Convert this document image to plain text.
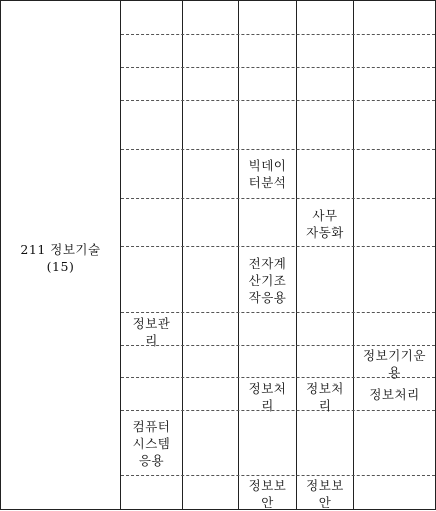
211 정보기술
(15)
빅데이
터분석
사무
자동화
전자계
산기조
작응용
정보관
리
정보기기운
용
정보처
리
정보처
리
정보처리
컴퓨터
시스템
응용
정보보
안
정보보
안
